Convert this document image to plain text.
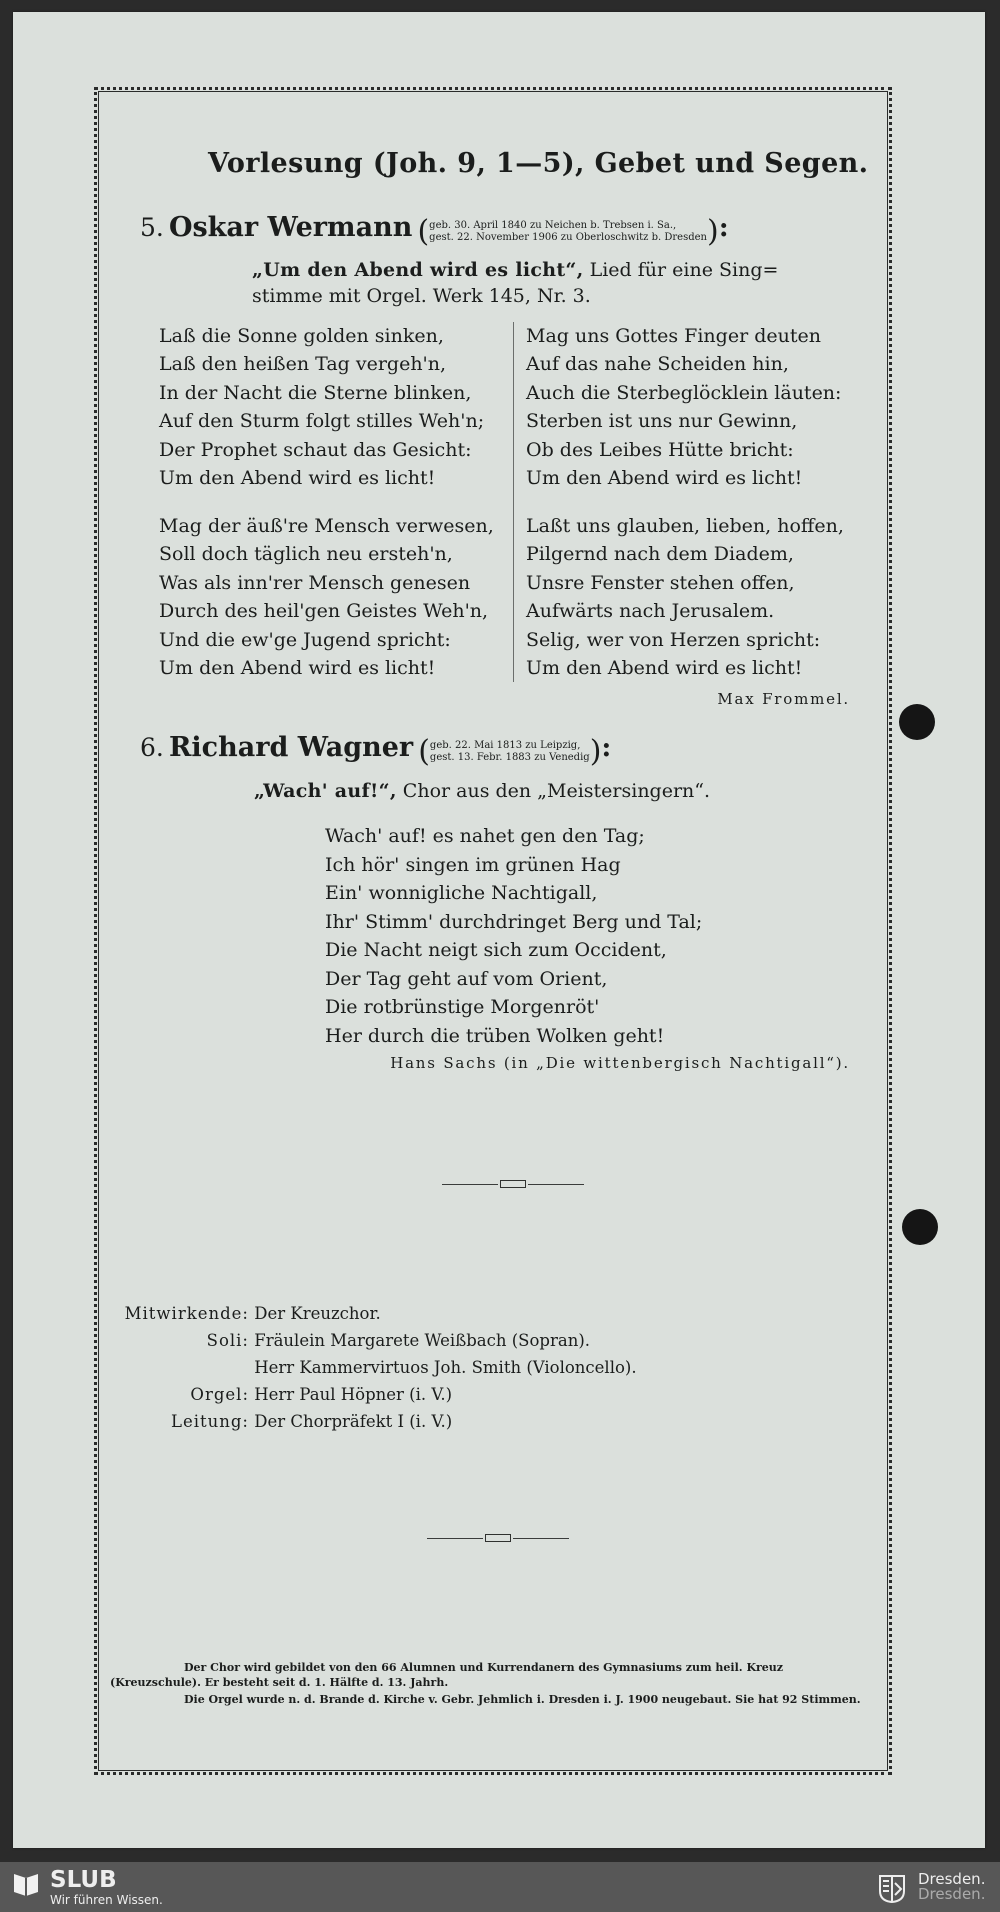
Vorlesung (Joh. 9, 1—5), Gebet und Segen.
5. Oskar Wermann (geb. 30. April 1840 zu Neichen b. Trebsen i. Sa.,
gest. 22. November 1906 zu Oberloschwitz b. Dresden):
„Um den Abend wird es licht“, Lied für eine Sing=
stimme mit Orgel. Werk 145, Nr. 3.
Laß die Sonne golden sinken,
Laß den heißen Tag vergeh'n,
In der Nacht die Sterne blinken,
Auf den Sturm folgt stilles Weh'n;
Der Prophet schaut das Gesicht:
Um den Abend wird es licht!
Mag uns Gottes Finger deuten
Auf das nahe Scheiden hin,
Auch die Sterbeglöcklein läuten:
Sterben ist uns nur Gewinn,
Ob des Leibes Hütte bricht:
Um den Abend wird es licht!
Mag der äuß're Mensch verwesen,
Soll doch täglich neu ersteh'n,
Was als inn'rer Mensch genesen
Durch des heil'gen Geistes Weh'n,
Und die ew'ge Jugend spricht:
Um den Abend wird es licht!
Laßt uns glauben, lieben, hoffen,
Pilgernd nach dem Diadem,
Unsre Fenster stehen offen,
Aufwärts nach Jerusalem.
Selig, wer von Herzen spricht:
Um den Abend wird es licht!
Max Frommel.
6. Richard Wagner (geb. 22. Mai 1813 zu Leipzig,
gest. 13. Febr. 1883 zu Venedig):
„Wach' auf!“, Chor aus den „Meistersingern“.
Wach' auf! es nahet gen den Tag;
Ich hör' singen im grünen Hag
Ein' wonnigliche Nachtigall,
Ihr' Stimm' durchdringet Berg und Tal;
Die Nacht neigt sich zum Occident,
Der Tag geht auf vom Orient,
Die rotbrünstige Morgenröt'
Her durch die trüben Wolken geht!
Hans Sachs (in „Die wittenbergisch Nachtigall“).
Mitwirkende: Der Kreuzchor.
Soli: Fräulein Margarete Weißbach (Sopran).
Herr Kammervirtuos Joh. Smith (Violoncello).
Orgel: Herr Paul Höpner (i. V.)
Leitung: Der Chorpräfekt I (i. V.)
Der Chor wird gebildet von den 66 Alumnen und Kurrendanern des Gymnasiums zum heil. Kreuz (Kreuzschule). Er besteht seit d. 1. Hälfte d. 13. Jahrh.
Die Orgel wurde n. d. Brande d. Kirche v. Gebr. Jehmlich i. Dresden i. J. 1900 neugebaut. Sie hat 92 Stimmen.
SLUB
Wir führen Wissen.
Dresden.
Dresden.
